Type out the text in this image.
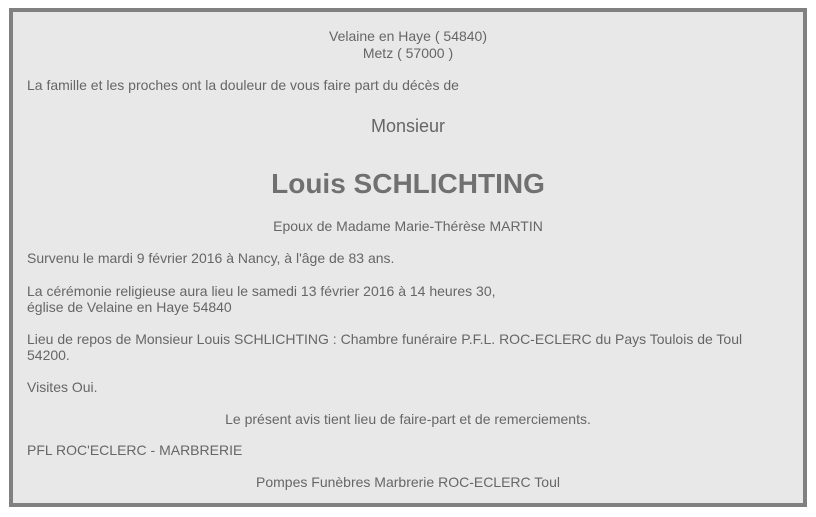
Velaine en Haye ( 54840)
Metz ( 57000 )
La famille et les proches ont la douleur de vous faire part du décès de
Monsieur
Louis SCHLICHTING
Epoux de Madame Marie-Thérèse MARTIN
Survenu le mardi 9 février 2016 à Nancy, à l'âge de 83 ans.
La cérémonie religieuse aura lieu le samedi 13 février 2016 à 14 heures 30,
église de Velaine en Haye 54840
Lieu de repos de Monsieur Louis SCHLICHTING : Chambre funéraire P.F.L. ROC-ECLERC du Pays Toulois de Toul
54200.
Visites Oui.
Le présent avis tient lieu de faire-part et de remerciements.
PFL ROC'ECLERC - MARBRERIE
Pompes Funèbres Marbrerie ROC-ECLERC Toul
